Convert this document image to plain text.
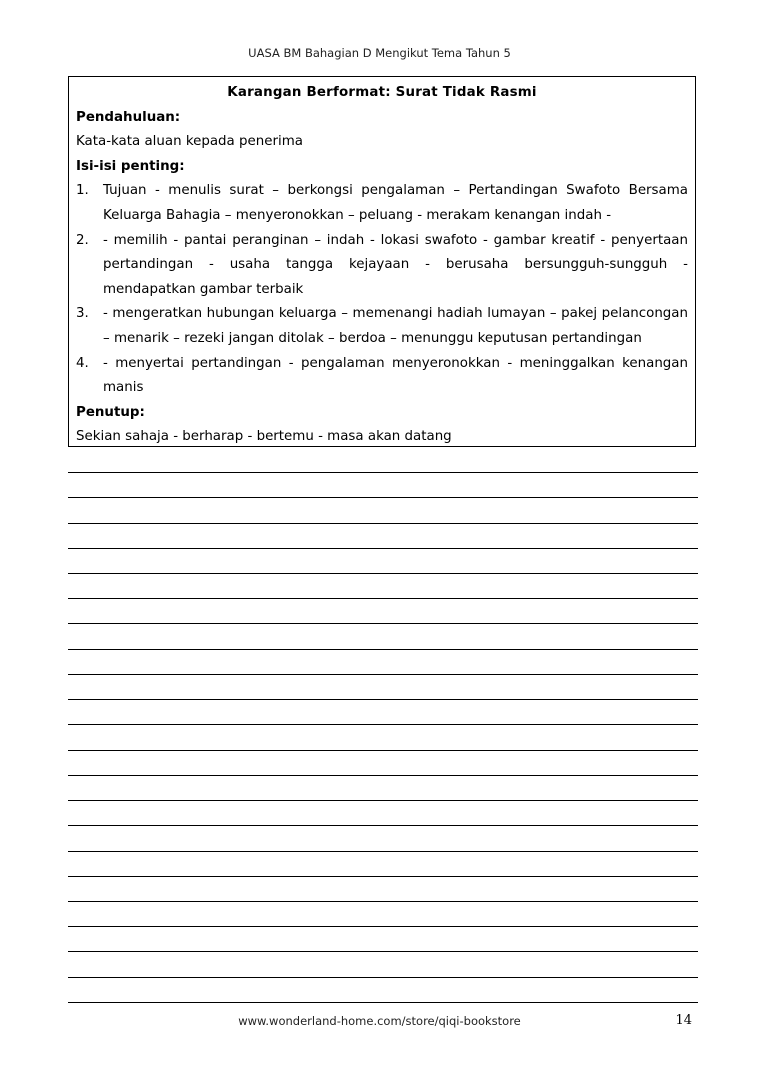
UASA BM Bahagian D Mengikut Tema Tahun 5
Karangan Berformat: Surat Tidak Rasmi
Pendahuluan:
Kata-kata aluan kepada penerima
Isi-isi penting:
1.	Tujuan - menulis surat – berkongsi pengalaman – Pertandingan Swafoto Bersama Keluarga Bahagia – menyeronokkan – peluang - merakam kenangan indah -
2.	- memilih - pantai peranginan – indah - lokasi swafoto - gambar kreatif - penyertaan pertandingan - usaha tangga kejayaan - berusaha bersungguh-sungguh - mendapatkan gambar terbaik
3.	- mengeratkan hubungan keluarga – memenangi hadiah lumayan – pakej pelancongan – menarik – rezeki jangan ditolak – berdoa – menunggu keputusan pertandingan
4.	- menyertai pertandingan - pengalaman menyeronokkan - meninggalkan kenangan manis
Penutup:
Sekian sahaja - berharap - bertemu - masa akan datang
www.wonderland-home.com/store/qiqi-bookstore	14
